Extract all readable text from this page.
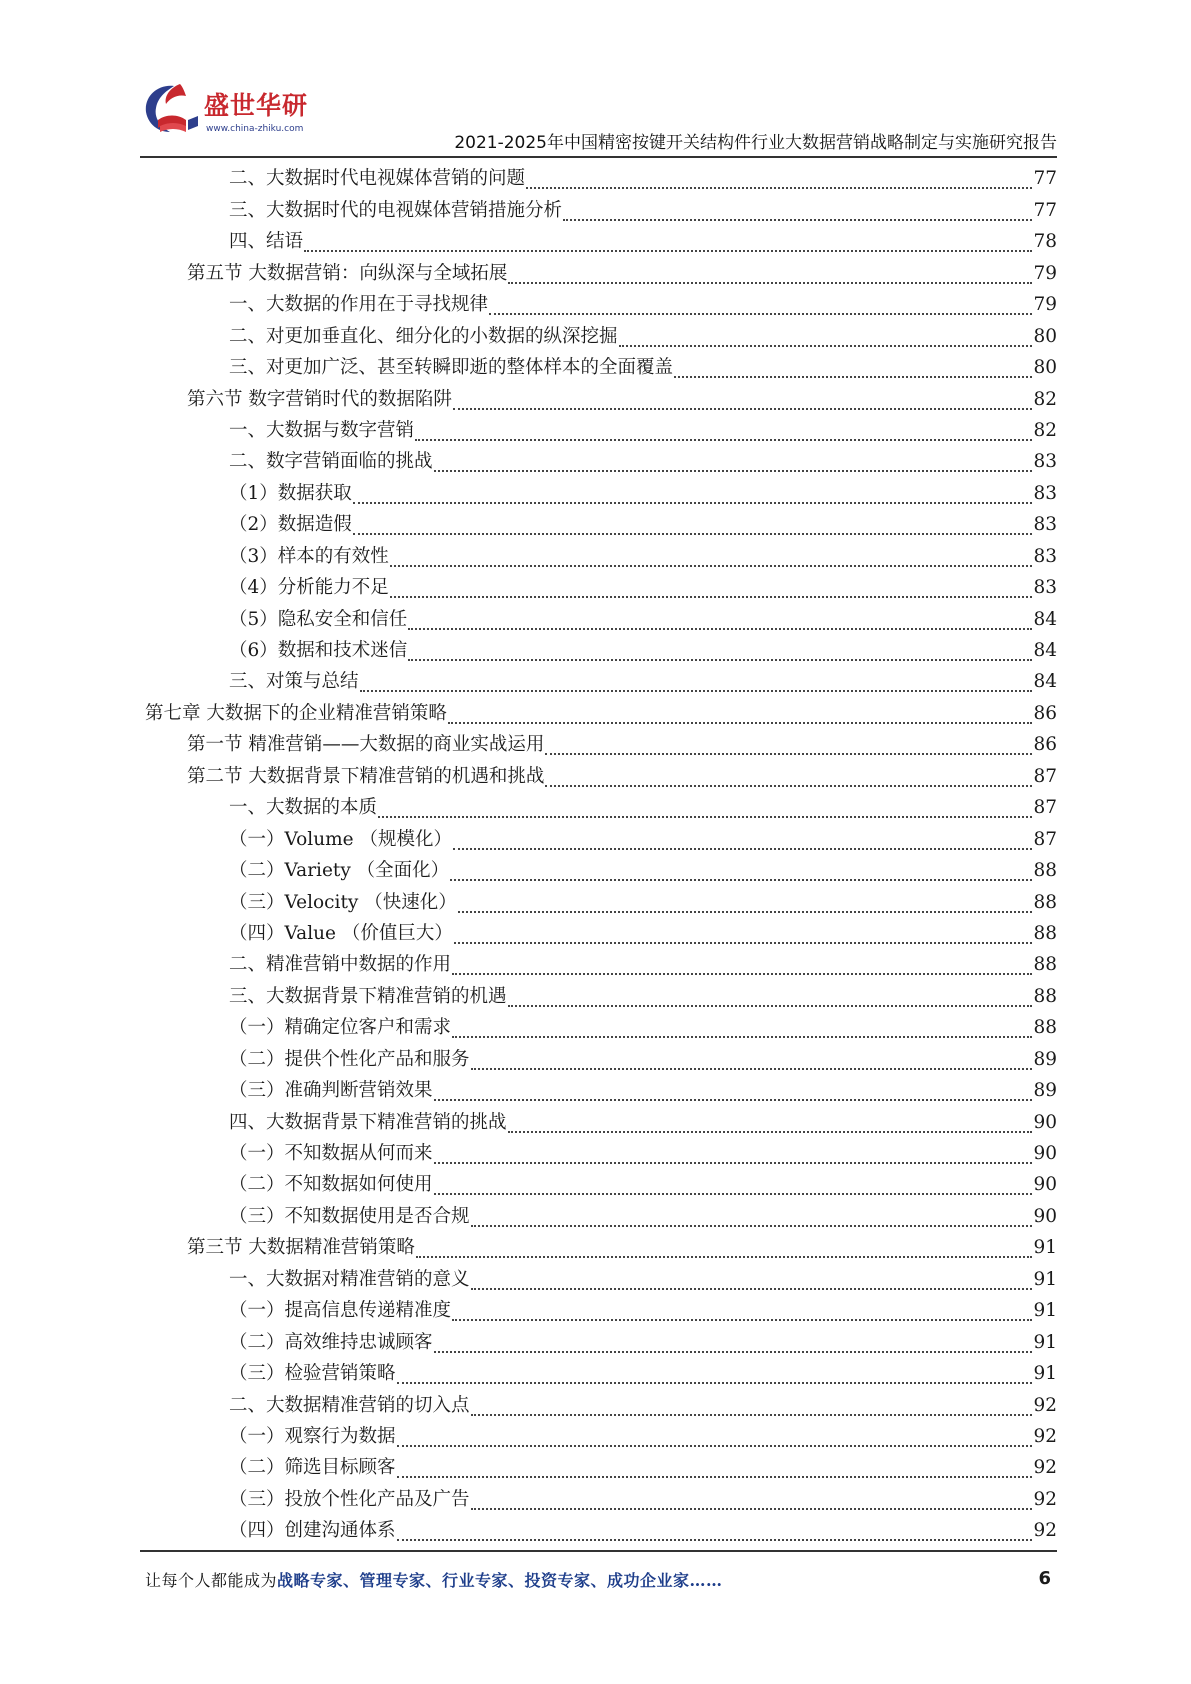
盛世华研
www.china-zhiku.com
2021-2025年中国精密按键开关结构件行业大数据营销战略制定与实施研究报告
二、大数据时代电视媒体营销的问题	77
三、大数据时代的电视媒体营销措施分析	77
四、结语	78
第五节 大数据营销：向纵深与全域拓展	79
一、大数据的作用在于寻找规律	79
二、对更加垂直化、细分化的小数据的纵深挖掘	80
三、对更加广泛、甚至转瞬即逝的整体样本的全面覆盖	80
第六节 数字营销时代的数据陷阱	82
一、大数据与数字营销	82
二、数字营销面临的挑战	83
（1）数据获取	83
（2）数据造假	83
（3）样本的有效性	83
（4）分析能力不足	83
（5）隐私安全和信任	84
（6）数据和技术迷信	84
三、对策与总结	84
第七章 大数据下的企业精准营销策略	86
第一节 精准营销——大数据的商业实战运用	86
第二节 大数据背景下精准营销的机遇和挑战	87
一、大数据的本质	87
（一）Volume （规模化）	87
（二）Variety （全面化）	88
（三）Velocity （快速化）	88
（四）Value （价值巨大）	88
二、精准营销中数据的作用	88
三、大数据背景下精准营销的机遇	88
（一）精确定位客户和需求	88
（二）提供个性化产品和服务	89
（三）准确判断营销效果	89
四、大数据背景下精准营销的挑战	90
（一）不知数据从何而来	90
（二）不知数据如何使用	90
（三）不知数据使用是否合规	90
第三节 大数据精准营销策略	91
一、大数据对精准营销的意义	91
（一）提高信息传递精准度	91
（二）高效维持忠诚顾客	91
（三）检验营销策略	91
二、大数据精准营销的切入点	92
（一）观察行为数据	92
（二）筛选目标顾客	92
（三）投放个性化产品及广告	92
（四）创建沟通体系	92
让每个人都能成为战略专家、管理专家、行业专家、投资专家、成功企业家……	6
